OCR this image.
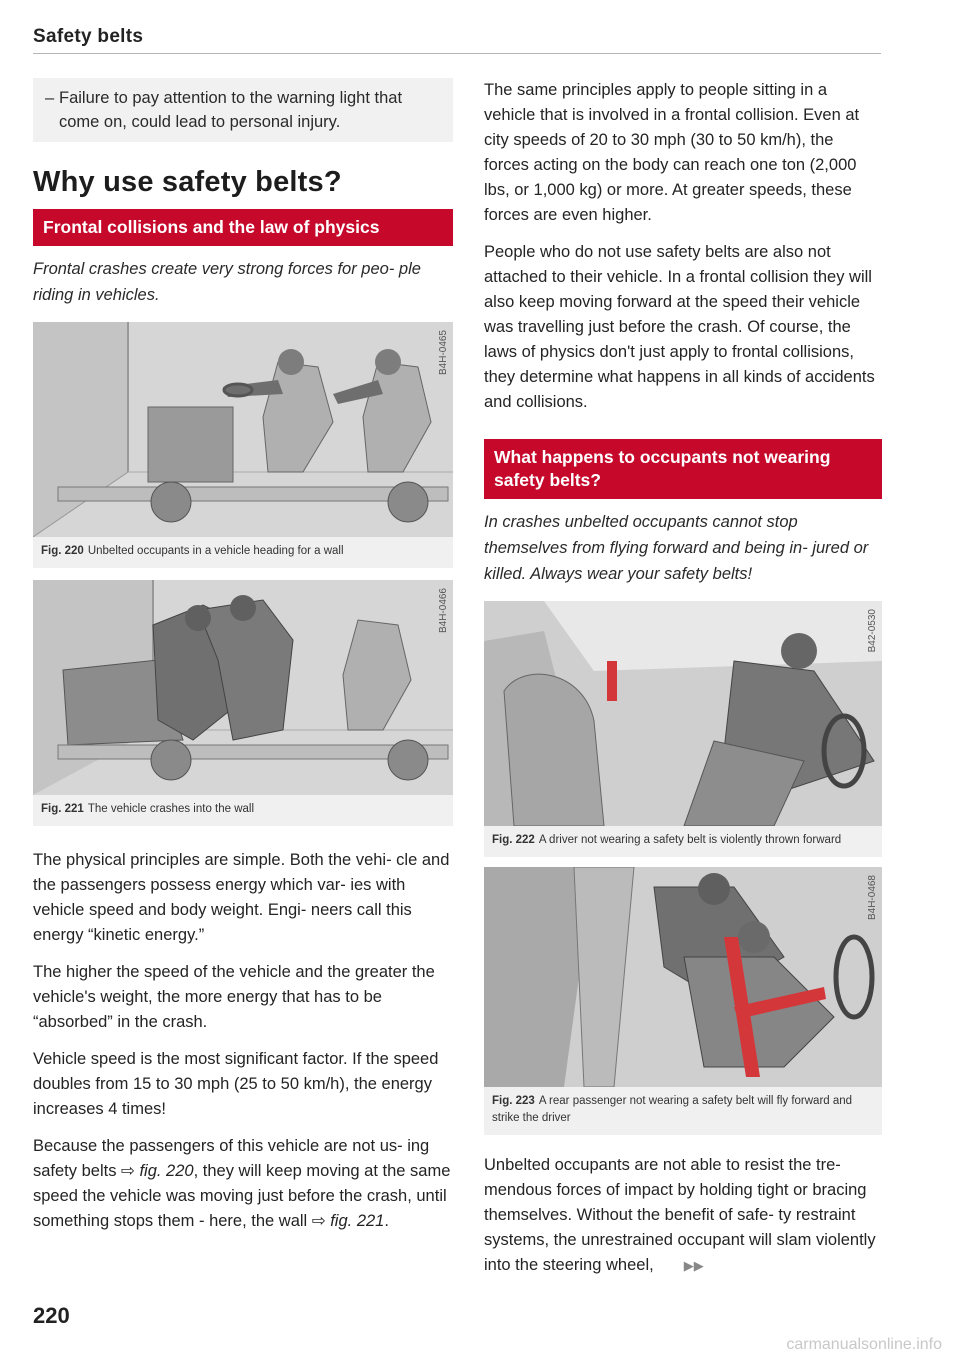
Safety belts
– Failure to pay attention to the warning light that come on, could lead to personal injury.
Why use safety belts?
Frontal collisions and the law of physics
Frontal crashes create very strong forces for peo- ple riding in vehicles.
B4H-0465
Fig. 220 Unbelted occupants in a vehicle heading for a wall
B4H-0466
Fig. 221 The vehicle crashes into the wall

The physical principles are simple. Both the vehi- cle and the passengers possess energy which var- ies with vehicle speed and body weight. Engi- neers call this energy “kinetic energy.”

The higher the speed of the vehicle and the greater the vehicle's weight, the more energy that has to be “absorbed” in the crash.

Vehicle speed is the most significant factor. If the speed doubles from 15 to 30 mph (25 to 50 km/h), the energy increases 4 times!

Because the passengers of this vehicle are not us- ing safety belts ⇨ fig. 220, they will keep moving at the same speed the vehicle was moving just before the crash, until something stops them - here, the wall ⇨ fig. 221.

The same principles apply to people sitting in a vehicle that is involved in a frontal collision. Even at city speeds of 20 to 30 mph (30 to 50 km/h), the forces acting on the body can reach one ton (2,000 lbs, or 1,000 kg) or more. At greater speeds, these forces are even higher.

People who do not use safety belts are also not attached to their vehicle. In a frontal collision they will also keep moving forward at the speed their vehicle was travelling just before the crash. Of course, the laws of physics don't just apply to frontal collisions, they determine what happens in all kinds of accidents and collisions.

What happens to occupants not wearing safety belts?
In crashes unbelted occupants cannot stop themselves from flying forward and being in- jured or killed. Always wear your safety belts!
B42-0530
Fig. 222 A driver not wearing a safety belt is violently thrown forward
B4H-0468
Fig. 223 A rear passenger not wearing a safety belt will fly forward and strike the driver

Unbelted occupants are not able to resist the tre- mendous forces of impact by holding tight or bracing themselves. Without the benefit of safe- ty restraint systems, the unrestrained occupant will slam violently into the steering wheel, ▶▶

220
carmanualsonline.info
